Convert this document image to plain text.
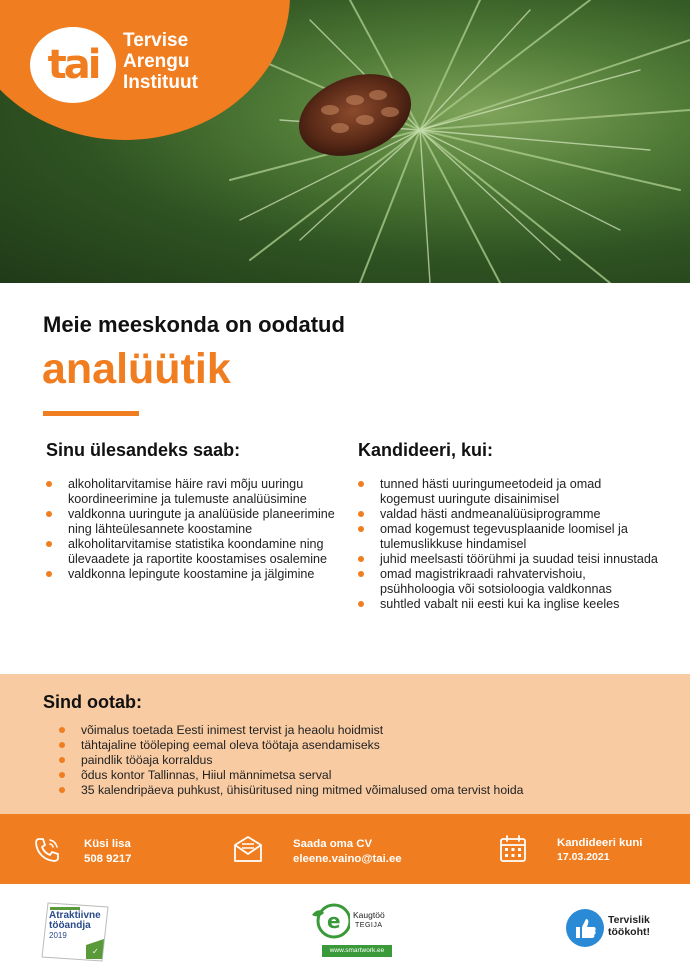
tai
Tervise
Arengu
Instituut
Meie meeskonda on oodatud
analüütik
Sinu ülesandeks saab:
alkoholitarvitamise häire ravi mõju uuringu koordineerimine ja tulemuste analüüsimine
valdkonna uuringute ja analüüside planeerimine ning lähteülesannete koostamine
alkoholitarvitamise statistika koondamine ning ülevaadete ja raportite koostamises osalemine
valdkonna lepingute koostamine ja jälgimine
Kandideeri, kui:
tunned hästi uuringumeetodeid ja omad kogemust uuringute disainimisel
valdad hästi andmeanalüüsiprogramme
omad kogemust tegevusplaanide loomisel ja tulemuslikkuse hindamisel
juhid meelsasti töörühmi ja suudad teisi innustada
omad magistrikraadi rahvatervishoiu, psühholoogia või sotsioloogia valdkonnas
suhtled vabalt nii eesti kui ka inglise keeles
Sind ootab:
võimalus toetada Eesti inimest tervist ja heaolu hoidmist
tähtajaline tööleping eemal oleva töötaja asendamiseks
paindlik tööaja korraldus
õdus kontor Tallinnas, Hiiul männimetsa serval
35 kalendripäeva puhkust, ühisüritused ning mitmed võimalused oma tervist hoida
Küsi lisa
508 9217
Saada oma CV
eleene.vaino@tai.ee
Kandideeri kuni
17.03.2021
✓
Atraktiivne
tööandja
2019
e Kaugtöö
TEGIJA
www.smartwork.ee
Tervislik
töökoht!
